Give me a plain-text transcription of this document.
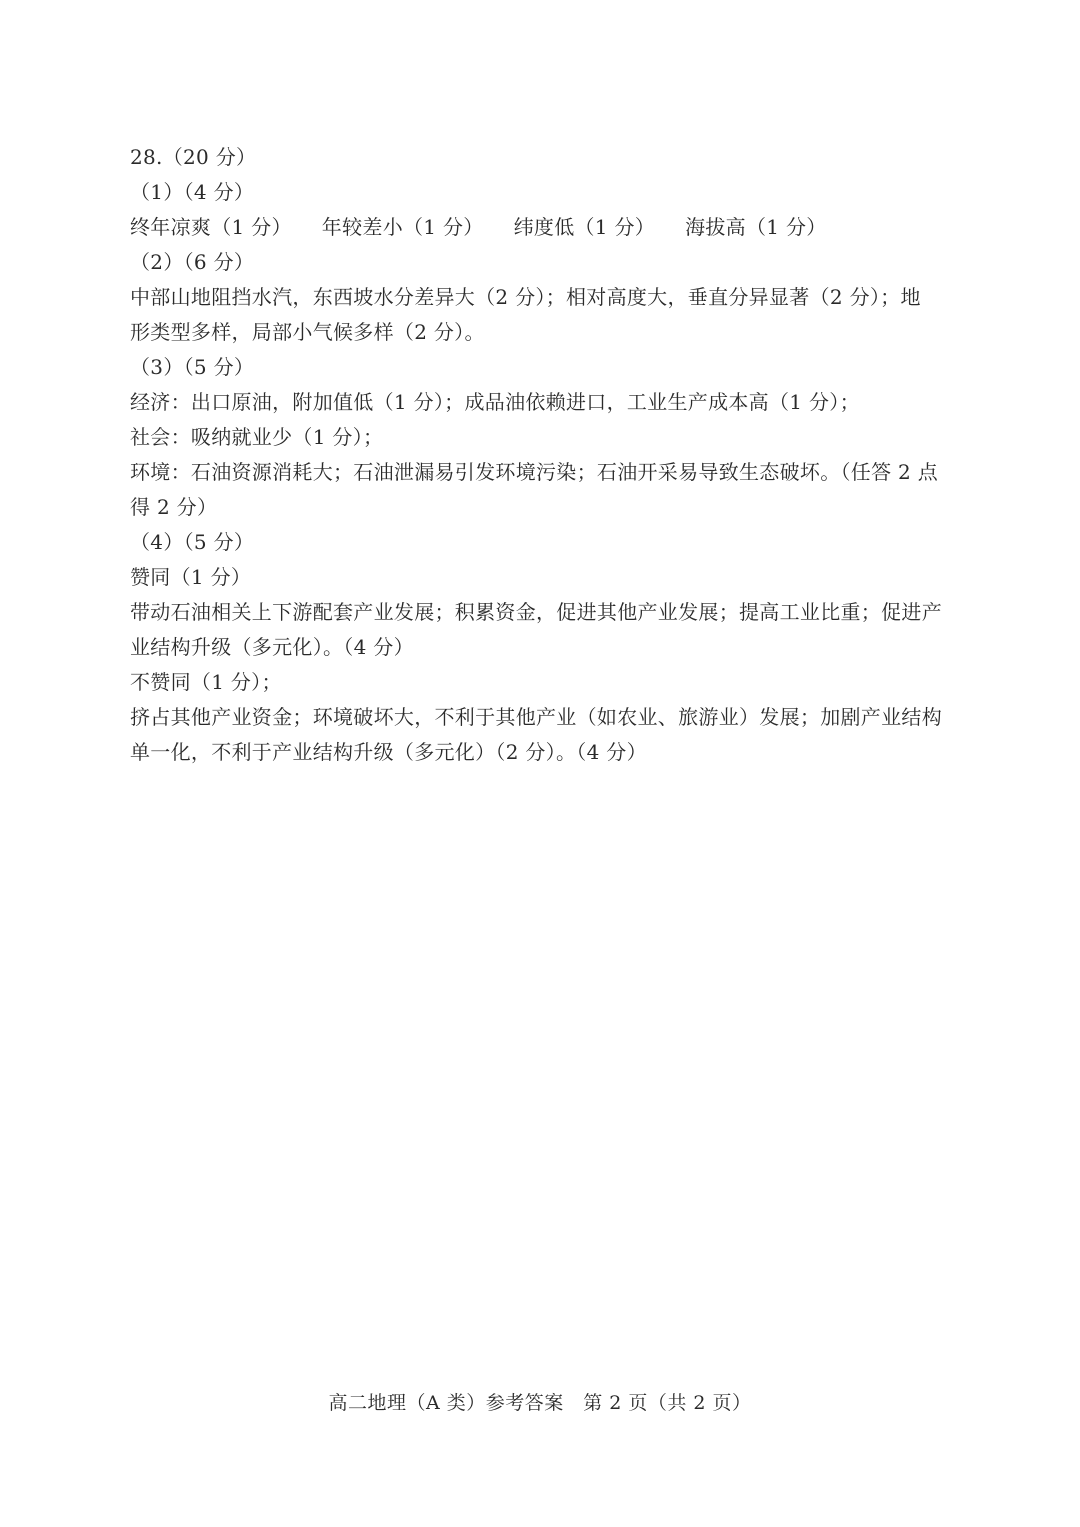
28.（20 分）
（1）（4 分）
终年凉爽（1 分） 年较差小（1 分） 纬度低（1 分） 海拔高（1 分）
（2）（6 分）
中部山地阻挡水汽，东西坡水分差异大（2 分）；相对高度大，垂直分异显著（2 分）；地
形类型多样，局部小气候多样（2 分）。
（3）（5 分）
经济：出口原油，附加值低（1 分）；成品油依赖进口，工业生产成本高（1 分）；
社会：吸纳就业少（1 分）；
环境：石油资源消耗大；石油泄漏易引发环境污染；石油开采易导致生态破坏。（任答 2 点
得 2 分）
（4）（5 分）
赞同（1 分）
带动石油相关上下游配套产业发展；积累资金，促进其他产业发展；提高工业比重；促进产
业结构升级（多元化）。（4 分）
不赞同（1 分）；
挤占其他产业资金；环境破坏大，不利于其他产业（如农业、旅游业）发展；加剧产业结构
单一化，不利于产业结构升级（多元化）（2 分）。（4 分）
高二地理（A 类）参考答案　第 2 页（共 2 页）
